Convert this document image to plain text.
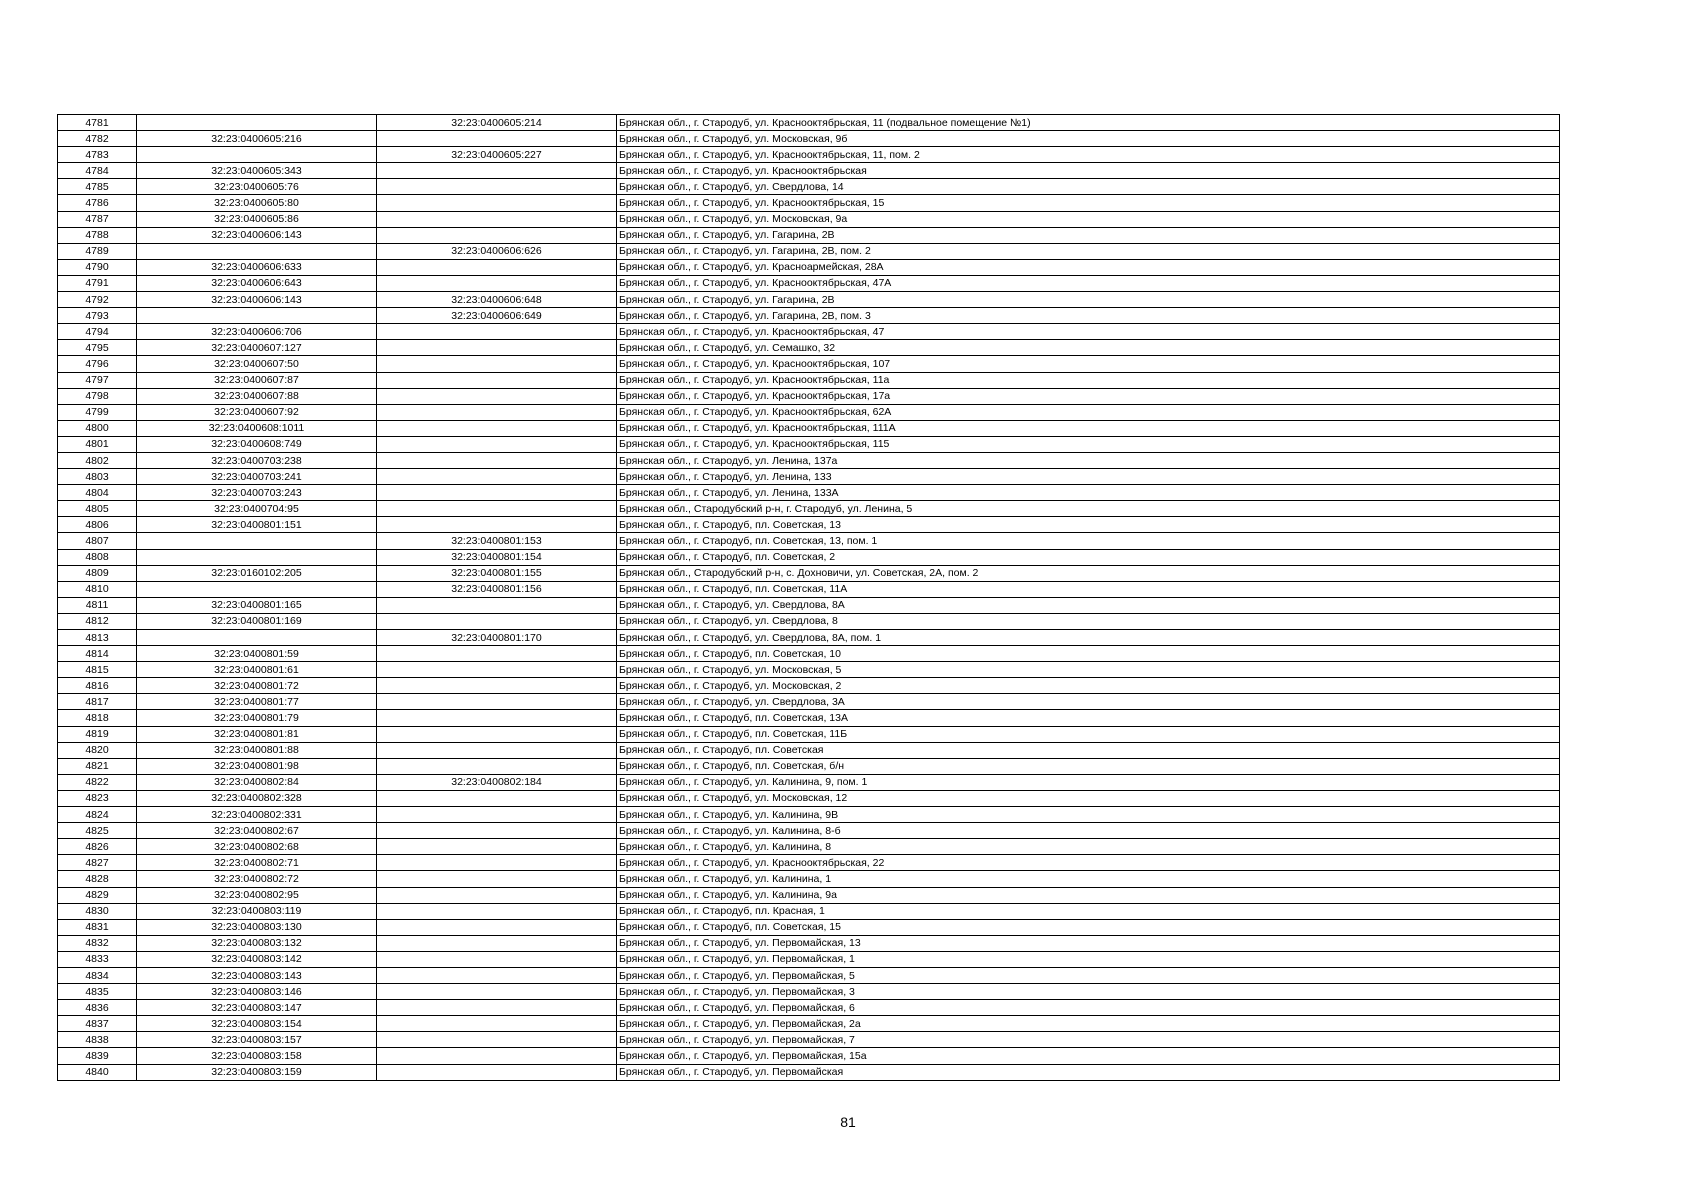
4781		32:23:0400605:214	Брянская обл., г. Стародуб, ул. Краснооктябрьская, 11 (подвальное помещение №1)
4782	32:23:0400605:216		Брянская обл., г. Стародуб, ул. Московская, 9б
4783		32:23:0400605:227	Брянская обл., г. Стародуб, ул. Краснооктябрьская, 11, пом. 2
4784	32:23:0400605:343		Брянская обл., г. Стародуб, ул. Краснооктябрьская
4785	32:23:0400605:76		Брянская обл., г. Стародуб, ул. Свердлова, 14
4786	32:23:0400605:80		Брянская обл., г. Стародуб, ул. Краснооктябрьская, 15
4787	32:23:0400605:86		Брянская обл., г. Стародуб, ул. Московская, 9а
4788	32:23:0400606:143		Брянская обл., г. Стародуб, ул. Гагарина, 2В
4789		32:23:0400606:626	Брянская обл., г. Стародуб, ул. Гагарина, 2В, пом. 2
4790	32:23:0400606:633		Брянская обл., г. Стародуб, ул. Красноармейская, 28А
4791	32:23:0400606:643		Брянская обл., г. Стародуб, ул. Краснооктябрьская, 47А
4792	32:23:0400606:143	32:23:0400606:648	Брянская обл., г. Стародуб, ул. Гагарина, 2В
4793		32:23:0400606:649	Брянская обл., г. Стародуб, ул. Гагарина, 2В, пом. 3
4794	32:23:0400606:706		Брянская обл., г. Стародуб, ул. Краснооктябрьская, 47
4795	32:23:0400607:127		Брянская обл., г. Стародуб, ул. Семашко, 32
4796	32:23:0400607:50		Брянская обл., г. Стародуб, ул. Краснооктябрьская, 107
4797	32:23:0400607:87		Брянская обл., г. Стародуб, ул. Краснооктябрьская, 11а
4798	32:23:0400607:88		Брянская обл., г. Стародуб, ул. Краснооктябрьская, 17а
4799	32:23:0400607:92		Брянская обл., г. Стародуб, ул. Краснооктябрьская, 62А
4800	32:23:0400608:1011		Брянская обл., г. Стародуб, ул. Краснооктябрьская, 111А
4801	32:23:0400608:749		Брянская обл., г. Стародуб, ул. Краснооктябрьская, 115
4802	32:23:0400703:238		Брянская обл., г. Стародуб, ул. Ленина, 137а
4803	32:23:0400703:241		Брянская обл., г. Стародуб, ул. Ленина, 133
4804	32:23:0400703:243		Брянская обл., г. Стародуб, ул. Ленина, 133А
4805	32:23:0400704:95		Брянская обл., Стародубский р-н, г. Стародуб, ул. Ленина, 5
4806	32:23:0400801:151		Брянская обл., г. Стародуб, пл. Советская, 13
4807		32:23:0400801:153	Брянская обл., г. Стародуб, пл. Советская, 13, пом. 1
4808		32:23:0400801:154	Брянская обл., г. Стародуб, пл. Советская, 2
4809	32:23:0160102:205	32:23:0400801:155	Брянская обл., Стародубский р-н, с. Дохновичи, ул. Советская, 2А, пом. 2
4810		32:23:0400801:156	Брянская обл., г. Стародуб, пл. Советская, 11А
4811	32:23:0400801:165		Брянская обл., г. Стародуб, ул. Свердлова, 8А
4812	32:23:0400801:169		Брянская обл., г. Стародуб, ул. Свердлова, 8
4813		32:23:0400801:170	Брянская обл., г. Стародуб, ул. Свердлова, 8А, пом. 1
4814	32:23:0400801:59		Брянская обл., г. Стародуб, пл. Советская, 10
4815	32:23:0400801:61		Брянская обл., г. Стародуб, ул. Московская, 5
4816	32:23:0400801:72		Брянская обл., г. Стародуб, ул. Московская, 2
4817	32:23:0400801:77		Брянская обл., г. Стародуб, ул. Свердлова, 3А
4818	32:23:0400801:79		Брянская обл., г. Стародуб, пл. Советская, 13А
4819	32:23:0400801:81		Брянская обл., г. Стародуб, пл. Советская, 11Б
4820	32:23:0400801:88		Брянская обл., г. Стародуб, пл. Советская
4821	32:23:0400801:98		Брянская обл., г. Стародуб, пл. Советская, б/н
4822	32:23:0400802:84	32:23:0400802:184	Брянская обл., г. Стародуб, ул. Калинина, 9, пом. 1
4823	32:23:0400802:328		Брянская обл., г. Стародуб, ул. Московская, 12
4824	32:23:0400802:331		Брянская обл., г. Стародуб, ул. Калинина, 9В
4825	32:23:0400802:67		Брянская обл., г. Стародуб, ул. Калинина, 8-б
4826	32:23:0400802:68		Брянская обл., г. Стародуб, ул. Калинина, 8
4827	32:23:0400802:71		Брянская обл., г. Стародуб, ул. Краснооктябрьская, 22
4828	32:23:0400802:72		Брянская обл., г. Стародуб, ул. Калинина, 1
4829	32:23:0400802:95		Брянская обл., г. Стародуб, ул. Калинина, 9а
4830	32:23:0400803:119		Брянская обл., г. Стародуб, пл. Красная, 1
4831	32:23:0400803:130		Брянская обл., г. Стародуб, пл. Советская, 15
4832	32:23:0400803:132		Брянская обл., г. Стародуб, ул. Первомайская, 13
4833	32:23:0400803:142		Брянская обл., г. Стародуб, ул. Первомайская, 1
4834	32:23:0400803:143		Брянская обл., г. Стародуб, ул. Первомайская, 5
4835	32:23:0400803:146		Брянская обл., г. Стародуб, ул. Первомайская, 3
4836	32:23:0400803:147		Брянская обл., г. Стародуб, ул. Первомайская, 6
4837	32:23:0400803:154		Брянская обл., г. Стародуб, ул. Первомайская, 2а
4838	32:23:0400803:157		Брянская обл., г. Стародуб, ул. Первомайская, 7
4839	32:23:0400803:158		Брянская обл., г. Стародуб, ул. Первомайская, 15а
4840	32:23:0400803:159		Брянская обл., г. Стародуб, ул. Первомайская
81
